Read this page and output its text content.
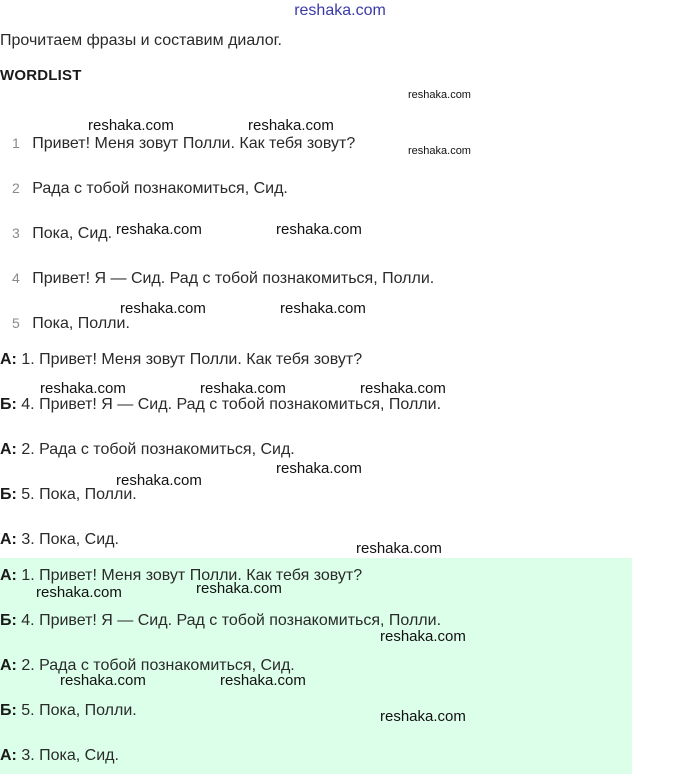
reshaka.com
Прочитаем фразы и составим диалог.
WORDLIST
1 Привет! Меня зовут Полли. Как тебя зовут?
2 Рада с тобой познакомиться, Сид.
3 Пока, Сид.
4 Привет! Я — Сид. Рад с тобой познакомиться, Полли.
5 Пока, Полли.
А: 1. Привет! Меня зовут Полли. Как тебя зовут?
Б: 4. Привет! Я — Сид. Рад с тобой познакомиться, Полли.
А: 2. Рада с тобой познакомиться, Сид.
Б: 5. Пока, Полли.
А: 3. Пока, Сид.
А: 1. Привет! Меня зовут Полли. Как тебя зовут?
Б: 4. Привет! Я — Сид. Рад с тобой познакомиться, Полли.
А: 2. Рада с тобой познакомиться, Сид.
Б: 5. Пока, Полли.
А: 3. Пока, Сид.
reshaka.com
reshaka.com	reshaka.com
reshaka.com
reshaka.com	reshaka.com
reshaka.com	reshaka.com
reshaka.com	reshaka.com	reshaka.com
reshaka.com
reshaka.com
reshaka.com
reshaka.com
reshaka.com
reshaka.com
reshaka.com	reshaka.com
reshaka.com
